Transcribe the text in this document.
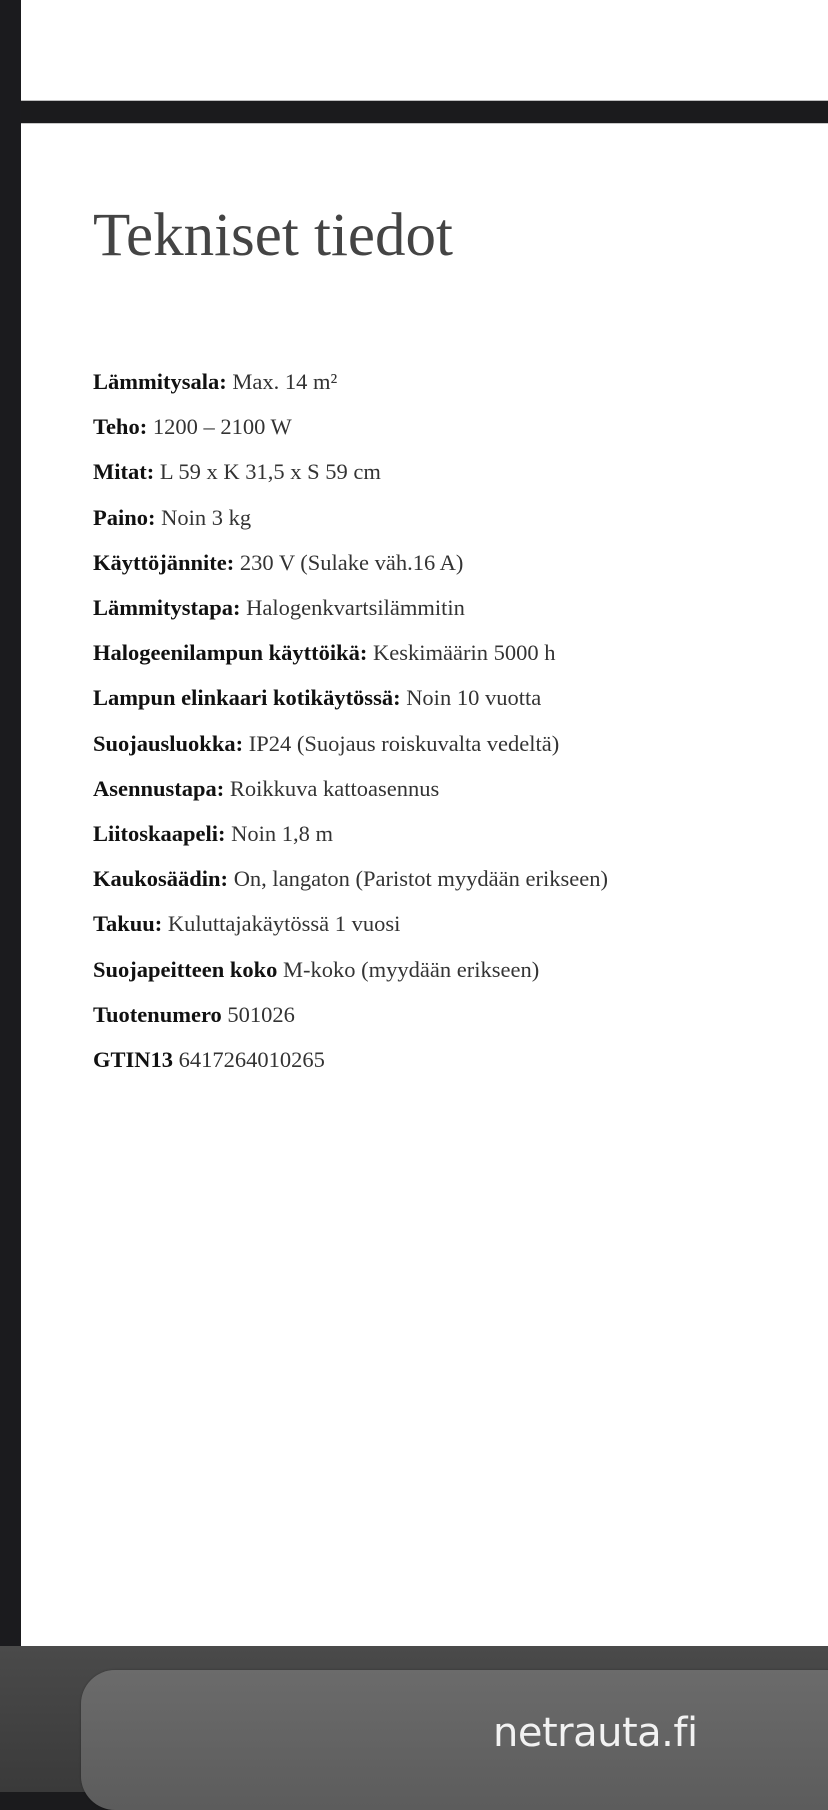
Tekniset tiedot
Lämmitysala: Max. 14 m²
Teho: 1200 – 2100 W
Mitat: L 59 x K 31,5 x S 59 cm
Paino: Noin 3 kg
Käyttöjännite: 230 V (Sulake väh.16 A)
Lämmitystapa: Halogenkvartsilämmitin
Halogeenilampun käyttöikä: Keskimäärin 5000 h
Lampun elinkaari kotikäytössä: Noin 10 vuotta
Suojausluokka: IP24 (Suojaus roiskuvalta vedeltä)
Asennustapa: Roikkuva kattoasennus
Liitoskaapeli: Noin 1,8 m
Kaukosäädin: On, langaton (Paristot myydään erikseen)
Takuu: Kuluttajakäytössä 1 vuosi
Suojapeitteen koko M-koko (myydään erikseen)
Tuotenumero 501026
GTIN13 6417264010265
netrauta.fi
